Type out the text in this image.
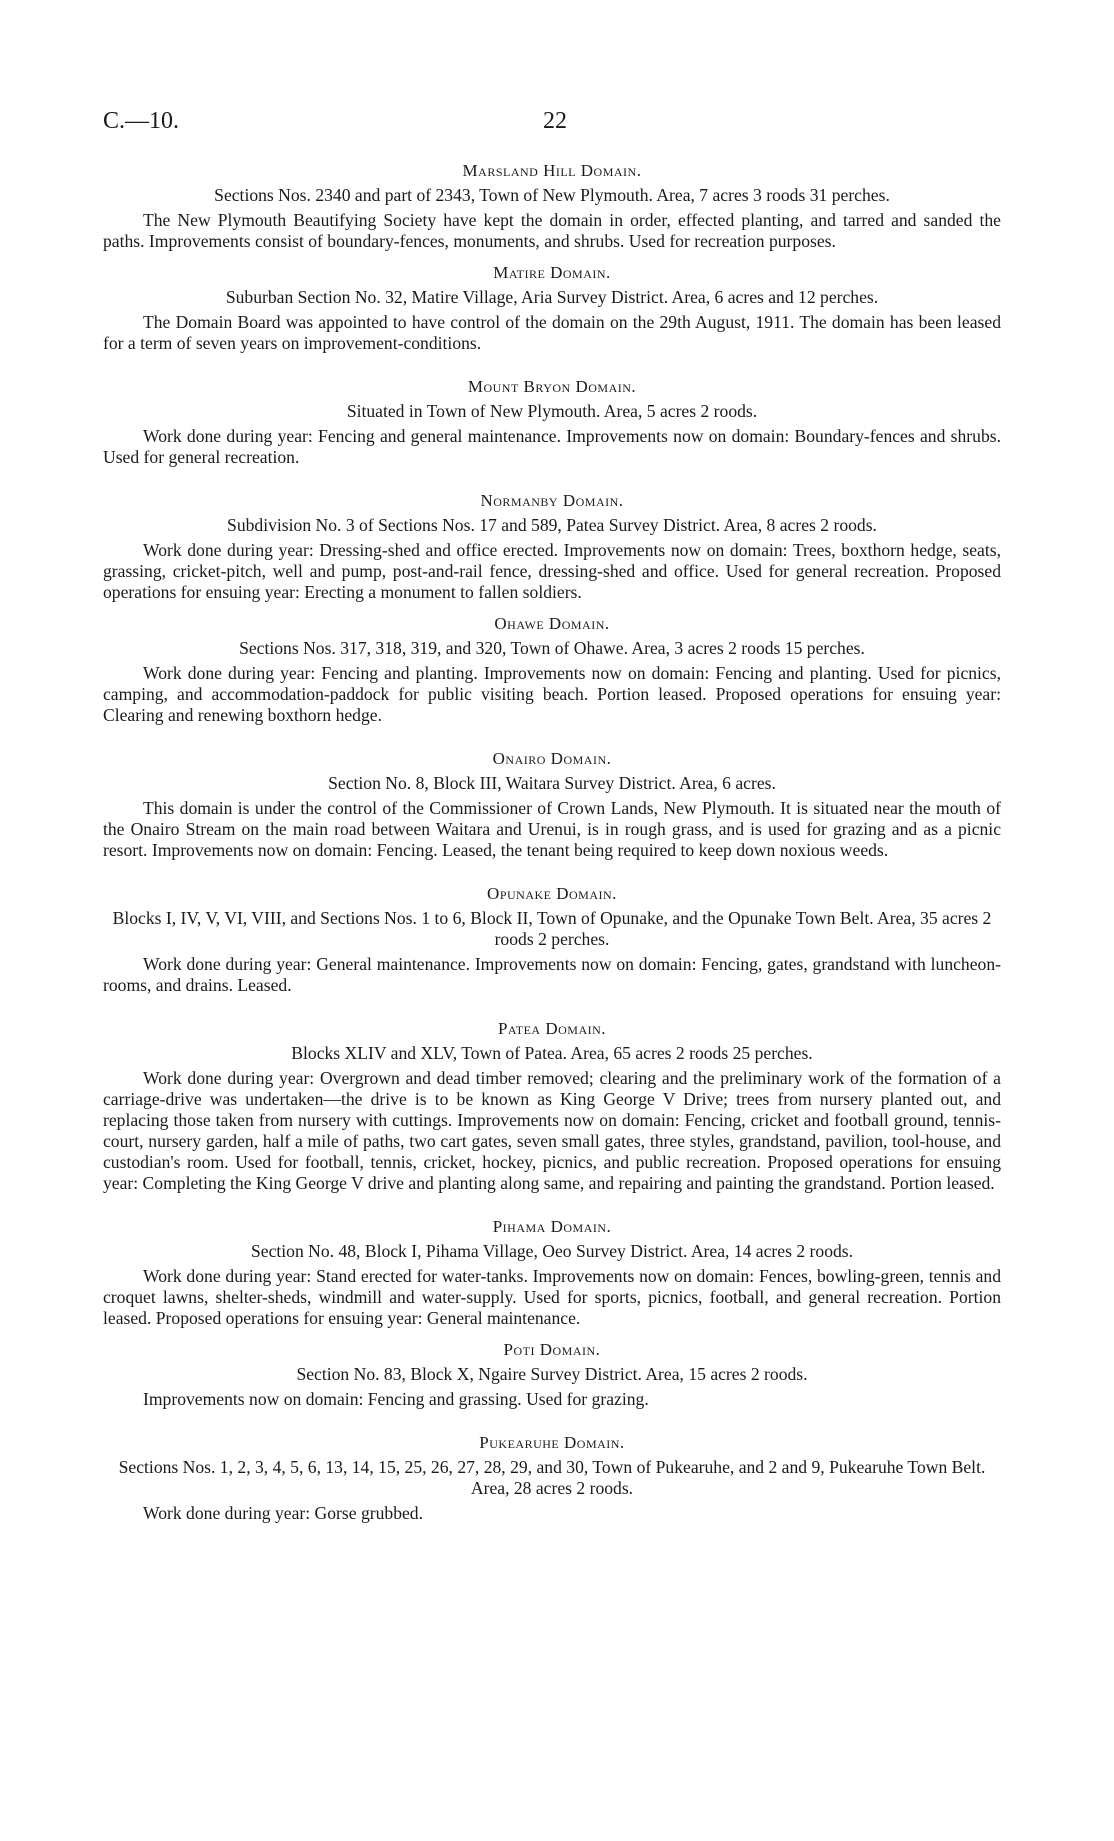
C.—10.	22
Marsland Hill Domain.
Sections Nos. 2340 and part of 2343, Town of New Plymouth. Area, 7 acres 3 roods 31 perches.

The New Plymouth Beautifying Society have kept the domain in order, effected planting, and tarred and sanded the paths. Improvements consist of boundary-fences, monuments, and shrubs. Used for recreation purposes.

Matire Domain.
Suburban Section No. 32, Matire Village, Aria Survey District. Area, 6 acres and 12 perches.

The Domain Board was appointed to have control of the domain on the 29th August, 1911. The domain has been leased for a term of seven years on improvement-conditions.

Mount Bryon Domain.
Situated in Town of New Plymouth. Area, 5 acres 2 roods.

Work done during year: Fencing and general maintenance. Improvements now on domain: Boundary-fences and shrubs. Used for general recreation.

Normanby Domain.
Subdivision No. 3 of Sections Nos. 17 and 589, Patea Survey District. Area, 8 acres 2 roods.

Work done during year: Dressing-shed and office erected. Improvements now on domain: Trees, boxthorn hedge, seats, grassing, cricket-pitch, well and pump, post-and-rail fence, dressing-shed and office. Used for general recreation. Proposed operations for ensuing year: Erecting a monument to fallen soldiers.

Ohawe Domain.
Sections Nos. 317, 318, 319, and 320, Town of Ohawe. Area, 3 acres 2 roods 15 perches.

Work done during year: Fencing and planting. Improvements now on domain: Fencing and planting. Used for picnics, camping, and accommodation-paddock for public visiting beach. Portion leased. Proposed operations for ensuing year: Clearing and renewing boxthorn hedge.

Onairo Domain.
Section No. 8, Block III, Waitara Survey District. Area, 6 acres.

This domain is under the control of the Commissioner of Crown Lands, New Plymouth. It is situated near the mouth of the Onairo Stream on the main road between Waitara and Urenui, is in rough grass, and is used for grazing and as a picnic resort. Improvements now on domain: Fencing. Leased, the tenant being required to keep down noxious weeds.

Opunake Domain.
Blocks I, IV, V, VI, VIII, and Sections Nos. 1 to 6, Block II, Town of Opunake, and the Opunake Town Belt. Area, 35 acres 2 roods 2 perches.

Work done during year: General maintenance. Improvements now on domain: Fencing, gates, grandstand with luncheon-rooms, and drains. Leased.

Patea Domain.
Blocks XLIV and XLV, Town of Patea. Area, 65 acres 2 roods 25 perches.

Work done during year: Overgrown and dead timber removed; clearing and the preliminary work of the formation of a carriage-drive was undertaken—the drive is to be known as King George V Drive; trees from nursery planted out, and replacing those taken from nursery with cuttings. Improvements now on domain: Fencing, cricket and football ground, tennis-court, nursery garden, half a mile of paths, two cart gates, seven small gates, three styles, grandstand, pavilion, tool-house, and custodian's room. Used for football, tennis, cricket, hockey, picnics, and public recreation. Proposed operations for ensuing year: Completing the King George V drive and planting along same, and repairing and painting the grandstand. Portion leased.

Pihama Domain.
Section No. 48, Block I, Pihama Village, Oeo Survey District. Area, 14 acres 2 roods.

Work done during year: Stand erected for water-tanks. Improvements now on domain: Fences, bowling-green, tennis and croquet lawns, shelter-sheds, windmill and water-supply. Used for sports, picnics, football, and general recreation. Portion leased. Proposed operations for ensuing year: General maintenance.

Poti Domain.
Section No. 83, Block X, Ngaire Survey District. Area, 15 acres 2 roods.

Improvements now on domain: Fencing and grassing. Used for grazing.

Pukearuhe Domain.
Sections Nos. 1, 2, 3, 4, 5, 6, 13, 14, 15, 25, 26, 27, 28, 29, and 30, Town of Pukearuhe, and 2 and 9, Pukearuhe Town Belt. Area, 28 acres 2 roods.

Work done during year: Gorse grubbed.
